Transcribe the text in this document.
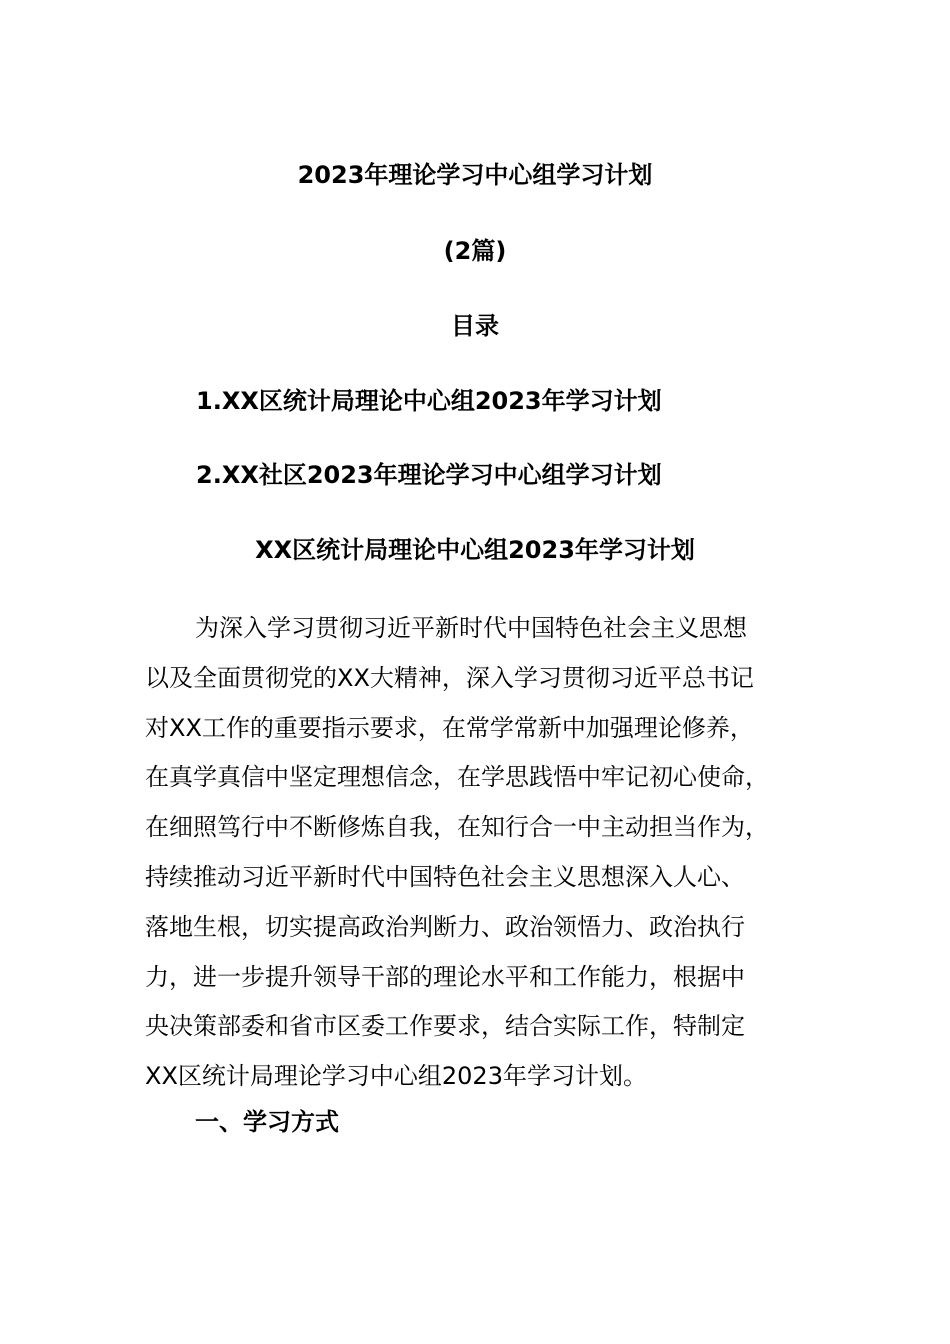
2023年理论学习中心组学习计划
(2篇)
目录
1.XX区统计局理论中心组2023年学习计划
2.XX社区2023年理论学习中心组学习计划
XX区统计局理论中心组2023年学习计划
为深入学习贯彻习近平新时代中国特色社会主义思想
以及全面贯彻党的XX大精神，深入学习贯彻习近平总书记
对XX工作的重要指示要求，在常学常新中加强理论修养，
在真学真信中坚定理想信念，在学思践悟中牢记初心使命，
在细照笃行中不断修炼自我，在知行合一中主动担当作为，
持续推动习近平新时代中国特色社会主义思想深入人心、
落地生根，切实提高政治判断力、政治领悟力、政治执行
力，进一步提升领导干部的理论水平和工作能力，根据中
央决策部委和省市区委工作要求，结合实际工作，特制定
XX区统计局理论学习中心组2023年学习计划。
一、学习方式
